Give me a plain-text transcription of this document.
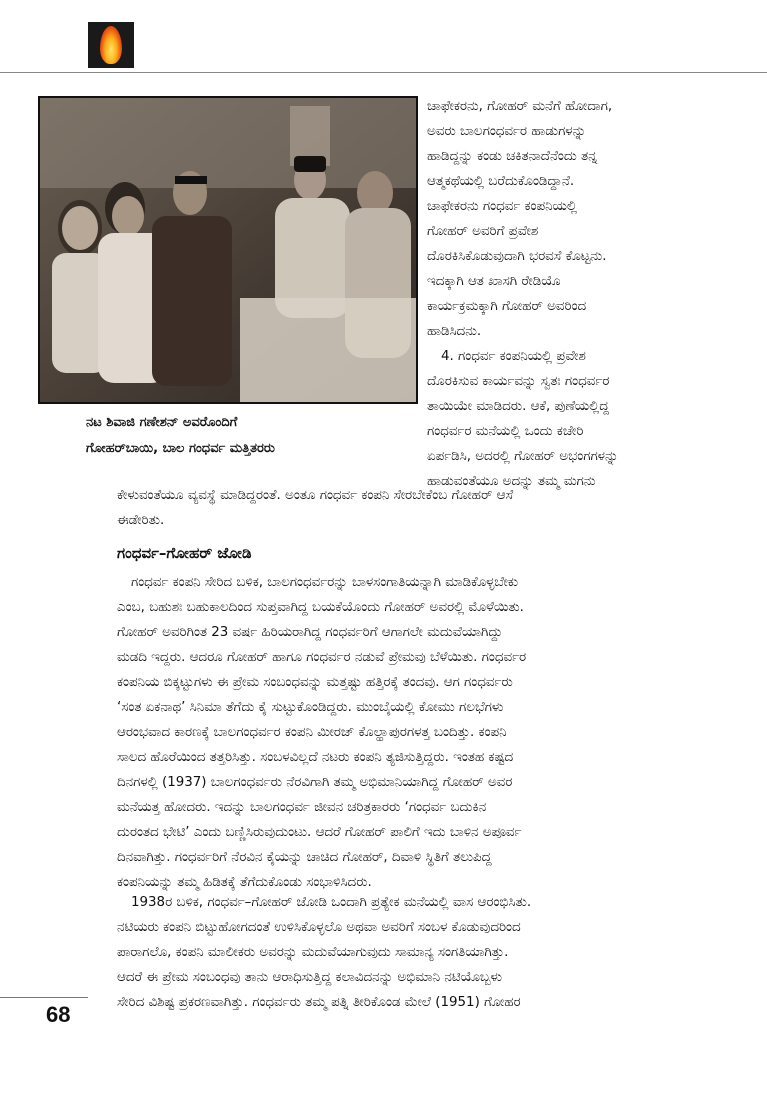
ನಟ ಶಿವಾಜಿ ಗಣೇಶನ್ ಅವರೊಂದಿಗೆ
ಗೋಹರ್‌ಬಾಯಿ, ಬಾಲ ಗಂಧರ್ವ ಮತ್ತಿತರರು
ಚಾಫೇಕರನು, ಗೋಹರ್ ಮನೆಗೆ ಹೋದಾಗ,
ಅವರು ಬಾಲಗಂಧರ್ವರ ಹಾಡುಗಳನ್ನು
ಹಾಡಿದ್ದನ್ನು ಕಂಡು ಚಕಿತನಾದೆನೆಂದು ತನ್ನ
ಆತ್ಮಕಥೆಯಲ್ಲಿ ಬರೆದುಕೊಂಡಿದ್ದಾನೆ.
ಚಾಫೇಕರನು ಗಂಧರ್ವ ಕಂಪನಿಯಲ್ಲಿ
ಗೋಹರ್ ಅವರಿಗೆ ಪ್ರವೇಶ
ದೊರಕಿಸಿಕೊಡುವುದಾಗಿ ಭರವಸೆ ಕೊಟ್ಟನು.
ಇದಕ್ಕಾಗಿ ಆತ ಖಾಸಗಿ ರೇಡಿಯೊ
ಕಾರ್ಯಕ್ರಮಕ್ಕಾಗಿ ಗೋಹರ್ ಅವರಿಂದ
ಹಾಡಿಸಿದನು.
4. ಗಂಧರ್ವ ಕಂಪನಿಯಲ್ಲಿ ಪ್ರವೇಶ
ದೊರಕಿಸುವ ಕಾರ್ಯವನ್ನು ಸ್ವತಃ ಗಂಧರ್ವರ
ತಾಯಿಯೇ ಮಾಡಿದರು. ಆಕೆ, ಪುಣೆಯಲ್ಲಿದ್ದ
ಗಂಧರ್ವರ ಮನೆಯಲ್ಲಿ ಒಂದು ಕಚೇರಿ
ಏರ್ಪಡಿಸಿ, ಅದರಲ್ಲಿ ಗೋಹರ್ ಅಭಂಗಗಳನ್ನು
ಹಾಡುವಂತೆಯೂ ಅದನ್ನು ತಮ್ಮ ಮಗನು
ಕೇಳುವಂತೆಯೂ ವ್ಯವಸ್ಥೆ ಮಾಡಿದ್ದರಂತೆ. ಅಂತೂ ಗಂಧರ್ವ ಕಂಪನಿ ಸೇರಬೇಕೆಂಬ ಗೋಹರ್ ಆಸೆ
ಈಡೇರಿತು.
ಗಂಧರ್ವ–ಗೋಹರ್ ಜೋಡಿ
ಗಂಧರ್ವ ಕಂಪನಿ ಸೇರಿದ ಬಳಿಕ, ಬಾಲಗಂಧರ್ವರನ್ನು ಬಾಳಸಂಗಾತಿಯನ್ನಾಗಿ ಮಾಡಿಕೊಳ್ಳಬೇಕು
ಎಂಬ, ಬಹುಶಃ ಬಹುಕಾಲದಿಂದ ಸುಪ್ತವಾಗಿದ್ದ ಬಯಕೆಯೊಂದು ಗೋಹರ್ ಅವರಲ್ಲಿ ಮೊಳೆಯಿತು.
ಗೋಹರ್ ಅವರಿಗಿಂತ 23 ವರ್ಷ ಹಿರಿಯರಾಗಿದ್ದ ಗಂಧರ್ವರಿಗೆ ಆಗಾಗಲೇ ಮದುವೆಯಾಗಿದ್ದು
ಮಡದಿ ಇದ್ದರು. ಆದರೂ ಗೋಹರ್ ಹಾಗೂ ಗಂಧರ್ವರ ನಡುವೆ ಪ್ರೇಮವು ಬೆಳೆಯಿತು. ಗಂಧರ್ವರ
ಕಂಪನಿಯ ಬಿಕ್ಕಟ್ಟುಗಳು ಈ ಪ್ರೇಮ ಸಂಬಂಧವನ್ನು ಮತ್ತಷ್ಟು ಹತ್ತಿರಕ್ಕೆ ತಂದವು. ಆಗ ಗಂಧರ್ವರು
‘ಸಂತ ಏಕನಾಥ’ ಸಿನಿಮಾ ತೆಗೆದು ಕೈ ಸುಟ್ಟುಕೊಂಡಿದ್ದರು. ಮುಂಬೈಯಲ್ಲಿ ಕೋಮು ಗಲಭೆಗಳು
ಆರಂಭವಾದ ಕಾರಣಕ್ಕೆ ಬಾಲಗಂಧರ್ವರ ಕಂಪನಿ ಮೀರಜ್ ಕೊಲ್ಹಾಪುರಗಳತ್ತ ಬಂದಿತ್ತು. ಕಂಪನಿ
ಸಾಲದ ಹೊರೆಯಿಂದ ತತ್ತರಿಸಿತ್ತು. ಸಂಬಳವಿಲ್ಲದೆ ನಟರು ಕಂಪನಿ ತ್ಯಜಿಸುತ್ತಿದ್ದರು. ಇಂತಹ ಕಷ್ಟದ
ದಿನಗಳಲ್ಲಿ (1937) ಬಾಲಗಂಧರ್ವರು ನೆರವಿಗಾಗಿ ತಮ್ಮ ಅಭಿಮಾನಿಯಾಗಿದ್ದ ಗೋಹರ್ ಅವರ
ಮನೆಯತ್ತ ಹೋದರು. ಇದನ್ನು ಬಾಲಗಂಧರ್ವ ಜೀವನ ಚರಿತ್ರಕಾರರು ‘ಗಂಧರ್ವ ಬದುಕಿನ
ದುರಂತದ ಭೇಟಿ’ ಎಂದು ಬಣ್ಣಿಸಿರುವುದುಂಟು. ಆದರೆ ಗೋಹರ್ ಪಾಲಿಗೆ ಇದು ಬಾಳಿನ ಅಪೂರ್ವ
ದಿನವಾಗಿತ್ತು. ಗಂಧರ್ವರಿಗೆ ನೆರವಿನ ಕೈಯನ್ನು ಚಾಚಿದ ಗೋಹರ್, ದಿವಾಳಿ ಸ್ಥಿತಿಗೆ ತಲುಪಿದ್ದ
ಕಂಪನಿಯನ್ನು ತಮ್ಮ ಹಿಡಿತಕ್ಕೆ ತೆಗೆದುಕೊಂಡು ಸಂಭಾಳಿಸಿದರು.
1938ರ ಬಳಿಕ, ಗಂಧರ್ವ–ಗೋಹರ್ ಜೋಡಿ ಒಂದಾಗಿ ಪ್ರತ್ಯೇಕ ಮನೆಯಲ್ಲಿ ವಾಸ ಆರಂಭಿಸಿತು.
ನಟಿಯರು ಕಂಪನಿ ಬಿಟ್ಟುಹೋಗದಂತೆ ಉಳಿಸಿಕೊಳ್ಳಲೊ ಅಥವಾ ಅವರಿಗೆ ಸಂಬಳ ಕೊಡುವುದರಿಂದ
ಪಾರಾಗಲೊ, ಕಂಪನಿ ಮಾಲೀಕರು ಅವರನ್ನು ಮದುವೆಯಾಗುವುದು ಸಾಮಾನ್ಯ ಸಂಗತಿಯಾಗಿತ್ತು.
ಆದರೆ ಈ ಪ್ರೇಮ ಸಂಬಂಧವು ತಾನು ಆರಾಧಿಸುತ್ತಿದ್ದ ಕಲಾವಿದನನ್ನು ಅಭಿಮಾನಿ ನಟಿಯೊಬ್ಬಳು
ಸೇರಿದ ವಿಶಿಷ್ಟ ಪ್ರಕರಣವಾಗಿತ್ತು. ಗಂಧರ್ವರು ತಮ್ಮ ಪತ್ನಿ ತೀರಿಕೊಂಡ ಮೇಲೆ (1951) ಗೋಹರ
68
